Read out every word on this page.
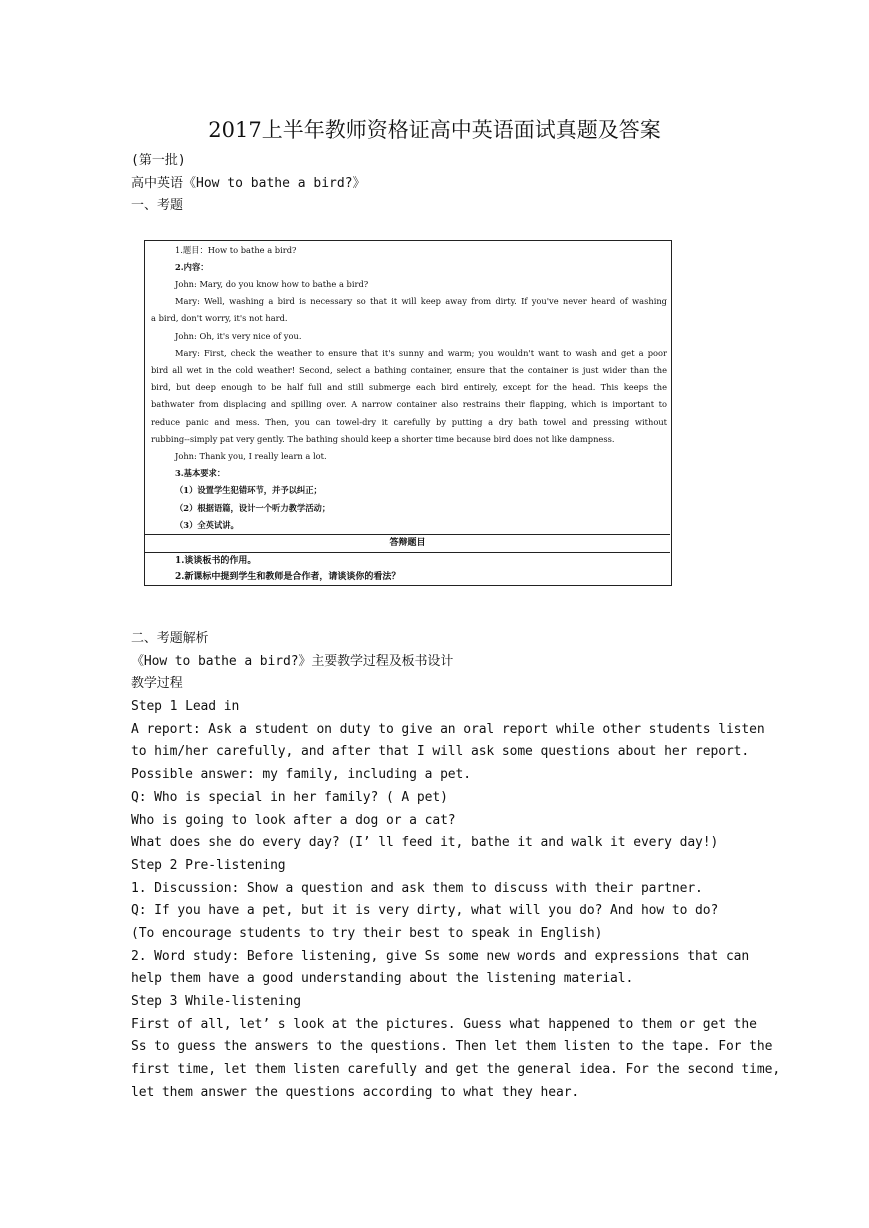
2017上半年教师资格证高中英语面试真题及答案
(第一批)
高中英语《How to bathe a bird?》
一、考题
1.题目：How to bathe a bird?
2.内容：
John: Mary, do you know how to bathe a bird?
Mary: Well, washing a bird is necessary so that it will keep away from dirty. If you've never heard of washing
a bird, don't worry, it's not hard.
John: Oh, it's very nice of you.
Mary: First, check the weather to ensure that it's sunny and warm; you wouldn't want to wash and get a poor
bird all wet in the cold weather! Second, select a bathing container, ensure that the container is just wider than the
bird, but deep enough to be half full and still submerge each bird entirely, except for the head. This keeps the
bathwater from displacing and spilling over. A narrow container also restrains their flapping, which is important to
reduce panic and mess. Then, you can towel-dry it carefully by putting a dry bath towel and pressing without
rubbing--simply pat very gently. The bathing should keep a shorter time because bird does not like dampness.
John: Thank you, I really learn a lot.
3.基本要求：
（1）设置学生犯错环节，并予以纠正；
（2）根据语篇，设计一个听力教学活动；
（3）全英试讲。
答辩题目
1.谈谈板书的作用。
2.新课标中提到学生和教师是合作者，请谈谈你的看法？
二、考题解析
《How to bathe a bird?》主要教学过程及板书设计
教学过程
Step 1 Lead in
A report: Ask a student on duty to give an oral report while other students listen
to him/her carefully, and after that I will ask some questions about her report.
Possible answer: my family, including a pet.
Q: Who is special in her family? ( A pet)
Who is going to look after a dog or a cat?
What does she do every day? (I’ ll feed it, bathe it and walk it every day!)
Step 2 Pre-listening
1. Discussion: Show a question and ask them to discuss with their partner.
Q: If you have a pet, but it is very dirty, what will you do? And how to do?
(To encourage students to try their best to speak in English)
2. Word study: Before listening, give Ss some new words and expressions that can
help them have a good understanding about the listening material.
Step 3 While-listening
First of all, let’ s look at the pictures. Guess what happened to them or get the
Ss to guess the answers to the questions. Then let them listen to the tape. For the
first time, let them listen carefully and get the general idea. For the second time,
let them answer the questions according to what they hear.
